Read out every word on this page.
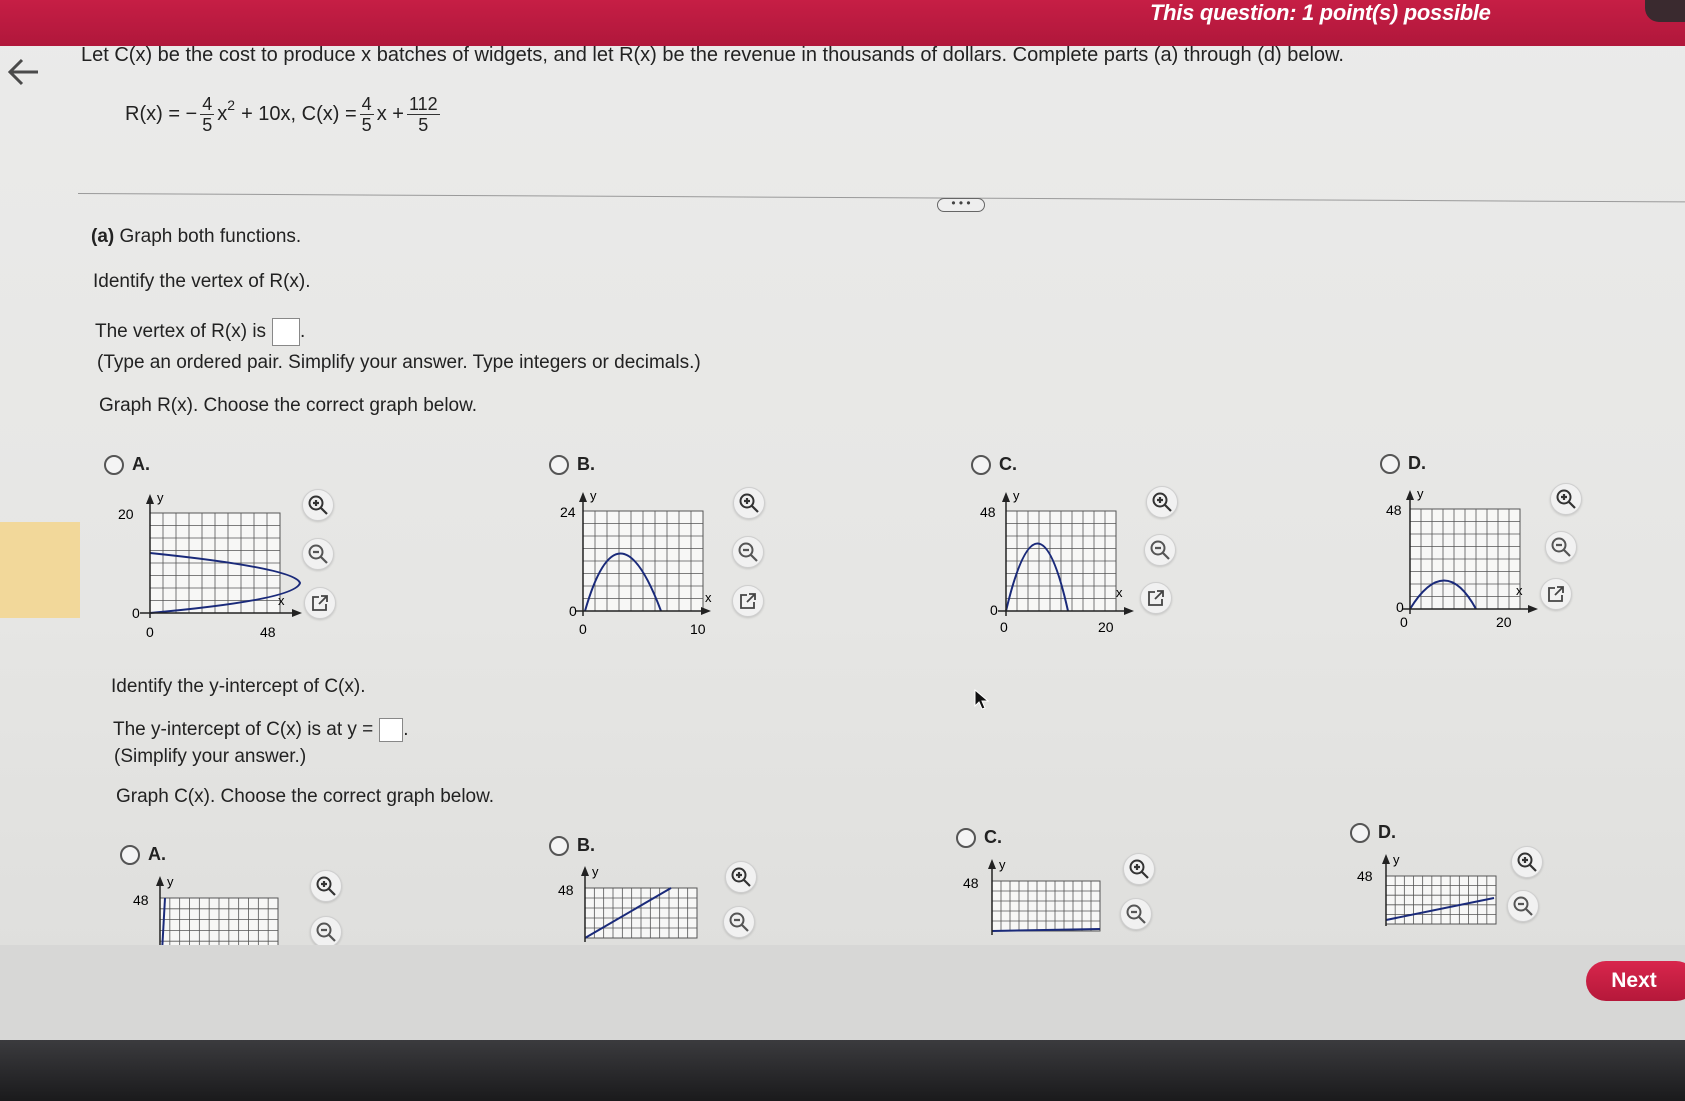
This question: 1 point(s) possible
Let C(x) be the cost to produce x batches of widgets, and let R(x) be the revenue in thousands of dollars. Complete parts (a) through (d) below.
R(x) = − $\frac{4}{5}$ x 2 + 10x, $C(x) = \frac{4}{5}$ $x + \frac{112}{5}$
• • •
(a) Graph both functions.
Identify the vertex of R(x).
The vertex of R(x) is .
(Type an ordered pair. Simplify your answer. Type integers or decimals.)
Graph R(x). Choose the correct graph below.
A.	B.	C.	D.
y
x
20
0
0	48
y
x
24
0
0	10
y
x
48
0
0	20
y
x
48
0
0	20
Identify the y-intercept of C(x).
The y-intercept of C(x) is at y = .
(Simplify your answer.)
Graph C(x). Choose the correct graph below.
A.	B.	C.	D.
y
48
y
48
y
48
y
48
Next
